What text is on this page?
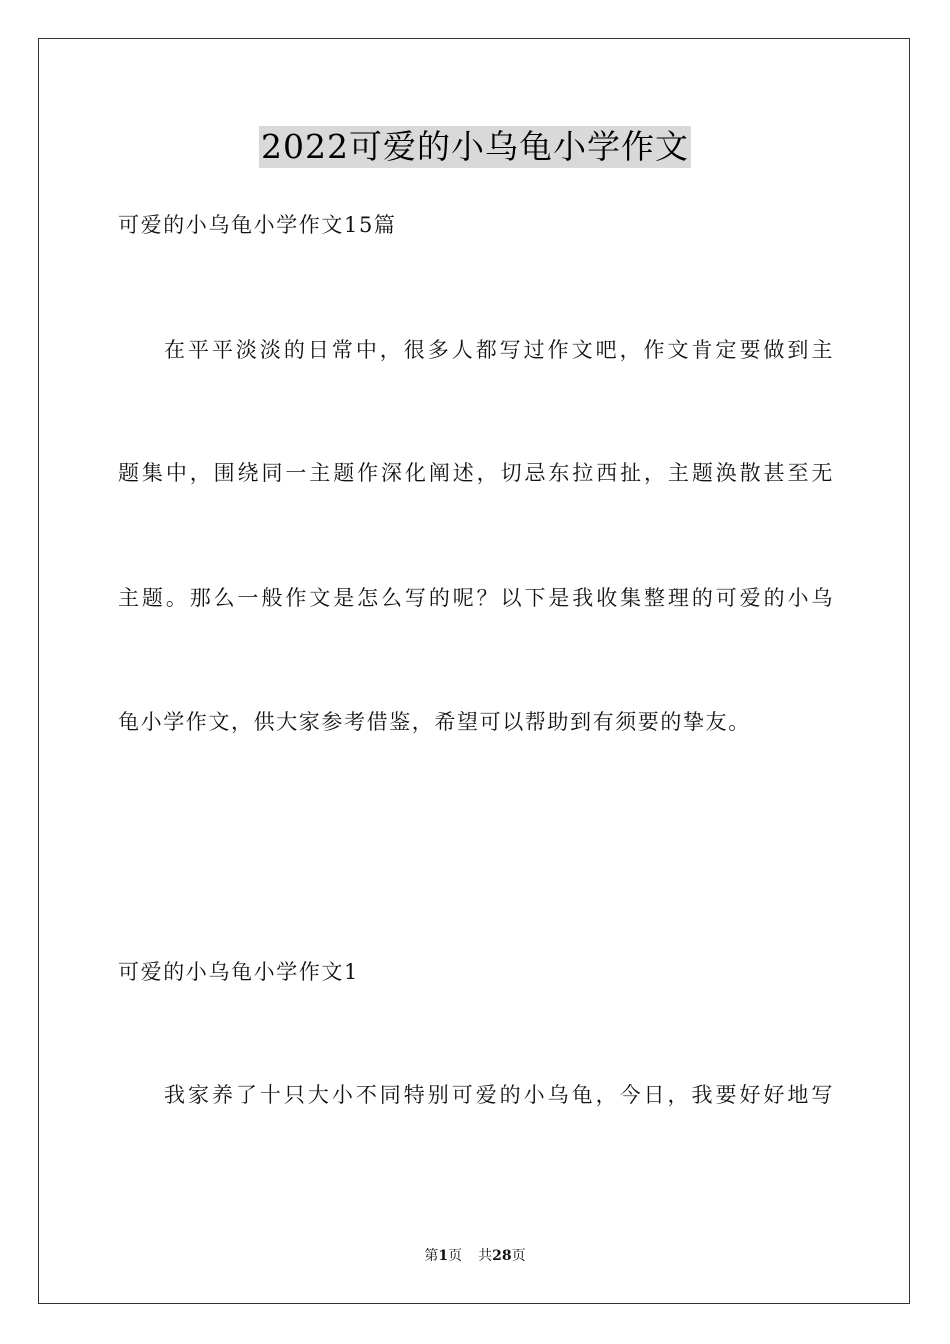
2022可爱的小乌龟小学作文
可爱的小乌龟小学作文15篇
在平平淡淡的日常中，很多人都写过作文吧，作文肯定要做到主
题集中，围绕同一主题作深化阐述，切忌东拉西扯，主题涣散甚至无
主题。那么一般作文是怎么写的呢？以下是我收集整理的可爱的小乌
龟小学作文，供大家参考借鉴，希望可以帮助到有须要的挚友。
可爱的小乌龟小学作文1
我家养了十只大小不同特别可爱的小乌龟，今日，我要好好地写
第1页 共28页
